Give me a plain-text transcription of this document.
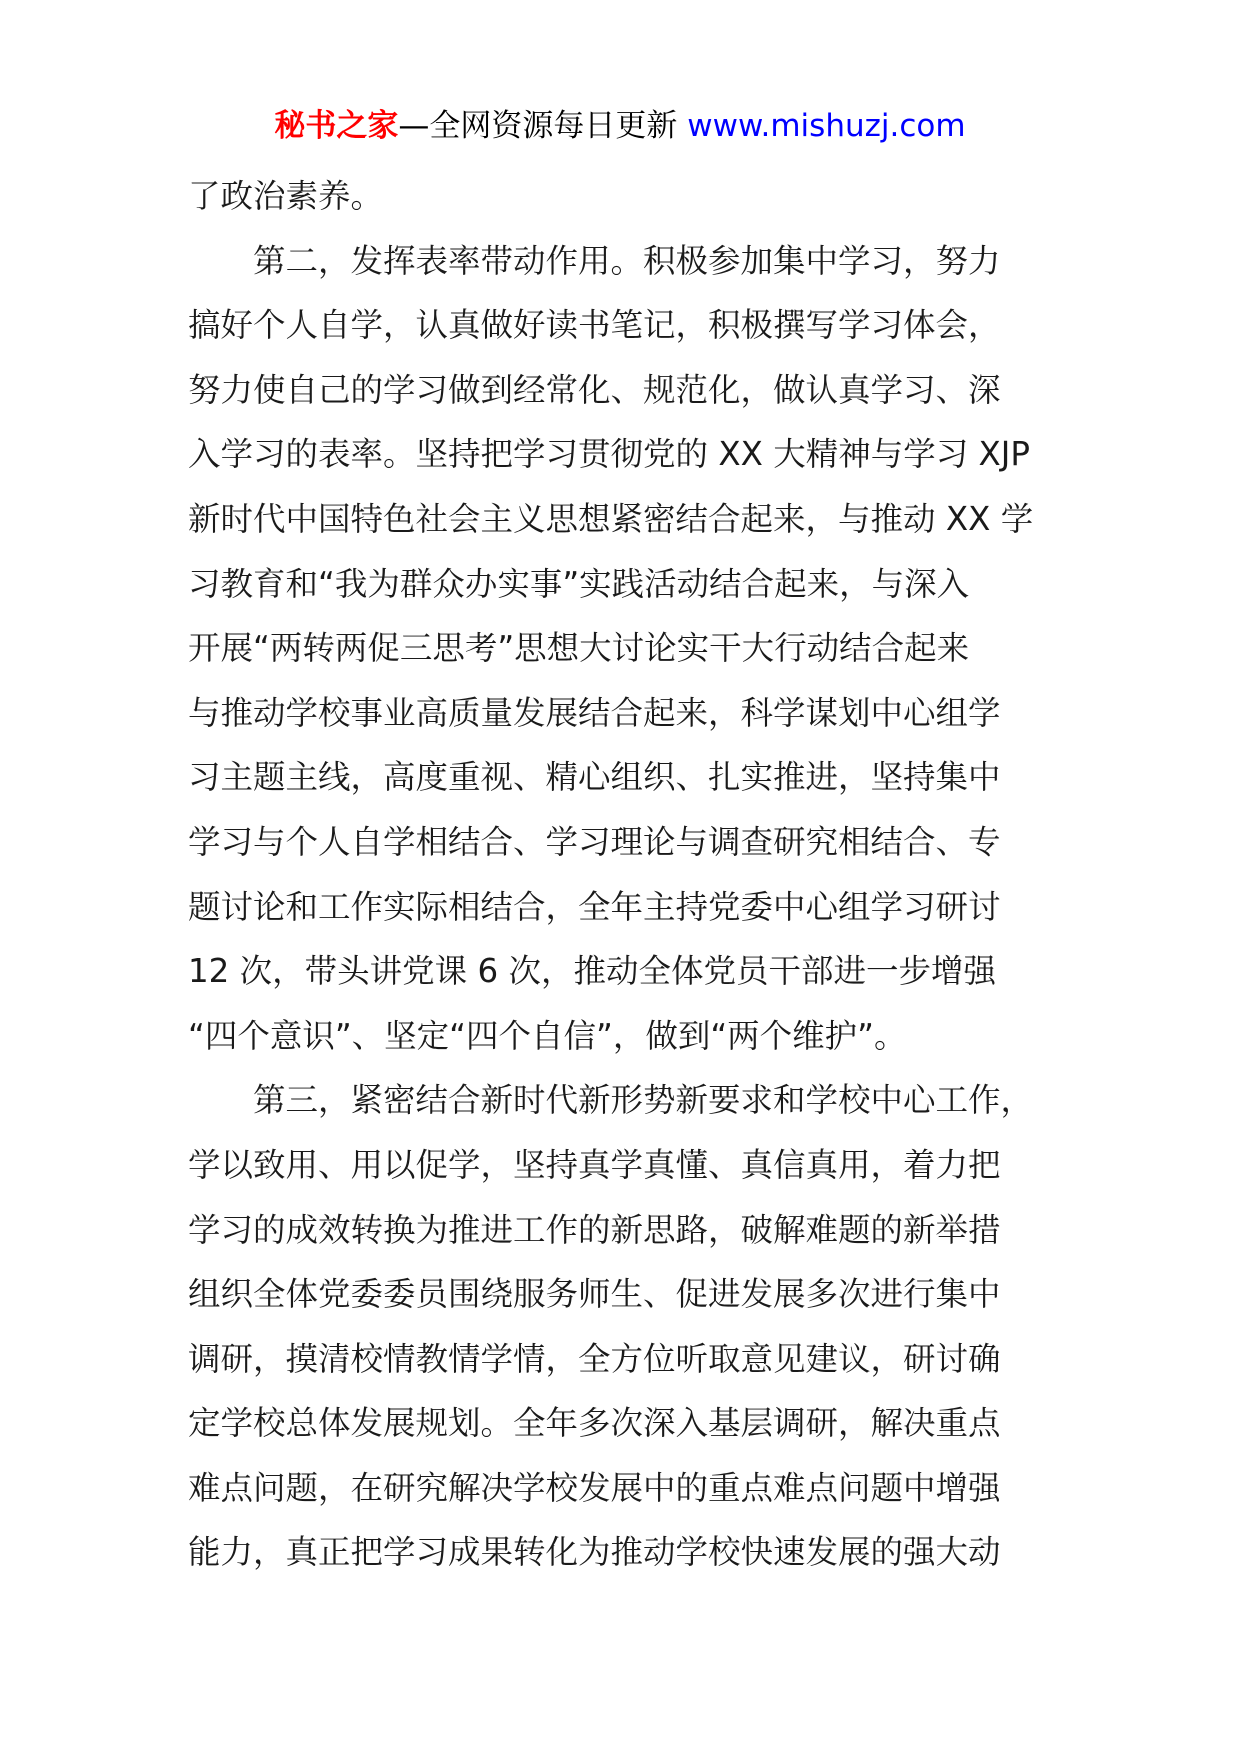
秘书之家—全网资源每日更新 www.mishuzj.com
了政治素养。
第二，发挥表率带动作用。积极参加集中学习，努力
搞好个人自学，认真做好读书笔记，积极撰写学习体会，
努力使自己的学习做到经常化、规范化，做认真学习、深
入学习的表率。坚持把学习贯彻党的 XX 大精神与学习 XJP
新时代中国特色社会主义思想紧密结合起来，与推动 XX 学
习教育和“我为群众办实事”实践活动结合起来，与深入
开展“两转两促三思考”思想大讨论实干大行动结合起来
与推动学校事业高质量发展结合起来，科学谋划中心组学
习主题主线，高度重视、精心组织、扎实推进，坚持集中
学习与个人自学相结合、学习理论与调查研究相结合、专
题讨论和工作实际相结合，全年主持党委中心组学习研讨
12 次，带头讲党课 6 次，推动全体党员干部进一步增强
“四个意识”、坚定“四个自信”，做到“两个维护”。
第三，紧密结合新时代新形势新要求和学校中心工作，
学以致用、用以促学，坚持真学真懂、真信真用，着力把
学习的成效转换为推进工作的新思路，破解难题的新举措
组织全体党委委员围绕服务师生、促进发展多次进行集中
调研，摸清校情教情学情，全方位听取意见建议，研讨确
定学校总体发展规划。全年多次深入基层调研，解决重点
难点问题，在研究解决学校发展中的重点难点问题中增强
能力，真正把学习成果转化为推动学校快速发展的强大动
